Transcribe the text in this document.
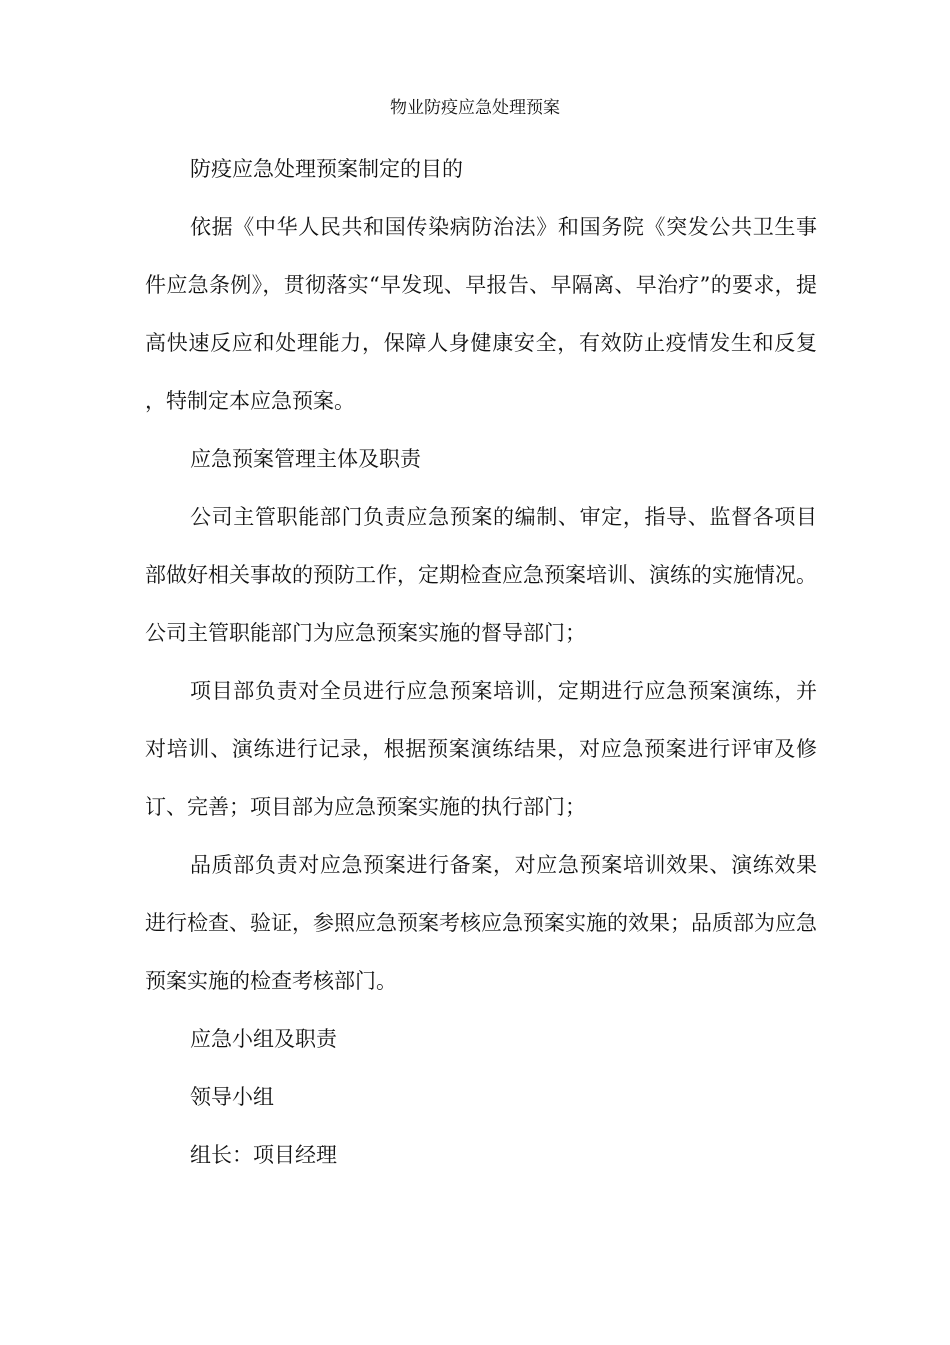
物业防疫应急处理预案

防疫应急处理预案制定的目的

依据《中华人民共和国传染病防治法》和国务院《突发公共卫生事件应急条例》，贯彻落实“早发现、早报告、早隔离、早治疗”的要求，提高快速反应和处理能力，保障人身健康安全，有效防止疫情发生和反复 ，特制定本应急预案。

应急预案管理主体及职责

公司主管职能部门负责应急预案的编制、审定，指导、监督各项目部做好相关事故的预防工作，定期检查应急预案培训、演练的实施情况。公司主管职能部门为应急预案实施的督导部门；

项目部负责对全员进行应急预案培训，定期进行应急预案演练，并对培训、演练进行记录，根据预案演练结果，对应急预案进行评审及修订、完善；项目部为应急预案实施的执行部门；

品质部负责对应急预案进行备案，对应急预案培训效果、演练效果进行检查、验证，参照应急预案考核应急预案实施的效果；品质部为应急预案实施的检查考核部门。

应急小组及职责

领导小组

组长：项目经理
